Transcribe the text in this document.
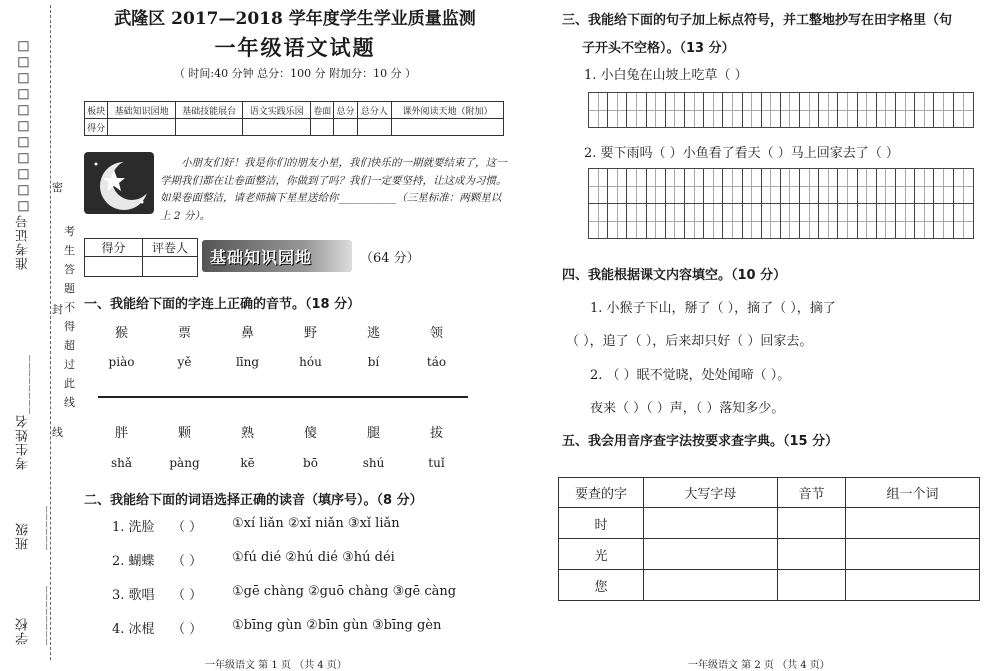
准考证号□□□□□□□□□□□
考生姓名________
班级 ______
学校 ________
密
封
线
考
生
答
题
不
得
超
过
此
线
武隆区 2017—2018 学年度学生学业质量监测
一年级语文试题
（ 时间:40 分钟 总分：100 分 附加分：10 分 ）
板块	基础知识园地	基础技能展台	语文实践乐园	卷面	总分	总分人	课外阅读天地（附加）
得分							
小朋友们好！我是你们的朋友小星，我们快乐的一期就要结束了，这一学期我们都在让卷面整洁，你做到了吗？我们一定要坚持，让这成为习惯。如果卷面整洁，请老师摘下星星送给你___________（三星标准：两颗星以上 2 分）。
得分	评卷人
	基础知识园地	（64 分）
一、我能给下面的字连上正确的音节。（18 分）
猴	票	鼻	野	逃	领
piào	yě	līng	hóu	bí	táo
胖	颗	熟	傻	腿	拔
shǎ	pàng	kē	bō	shú	tuǐ
二、我能给下面的词语选择正确的读音（填序号）。（8 分）
1. 洗脸	（ ）	①xí liǎn ②xǐ niǎn ③xǐ liǎn
2. 蝴蝶	（ ）	①fú dié ②hú dié ③hú déi
3. 歌唱	（ ）	①gē chàng ②guō chàng ③gē càng
4. 冰棍	（ ）	①bīng gùn ②bīn gùn ③bīng gèn
一年级语文 第 1 页 （共 4 页）
三、我能给下面的句子加上标点符号，并工整地抄写在田字格里（句
子开头不空格）。（13 分）
1. 小白兔在山坡上吃草（ ）
2. 要下雨吗（ ）小鱼看了看天（ ）马上回家去了（ ）
四、我能根据课文内容填空。（10 分）
1. 小猴子下山，掰了（ ），摘了（ ），摘了
（ ），追了（ ），后来却只好（ ）回家去。
2. （ ）眠不觉晓，处处闻啼（ ）。
夜来（ ）（ ）声，（ ）落知多少。
五、我会用音序查字法按要求查字典。（15 分）
要查的字	大写字母	音节	组一个词
时			
光			
您			
一年级语文 第 2 页 （共 4 页）
